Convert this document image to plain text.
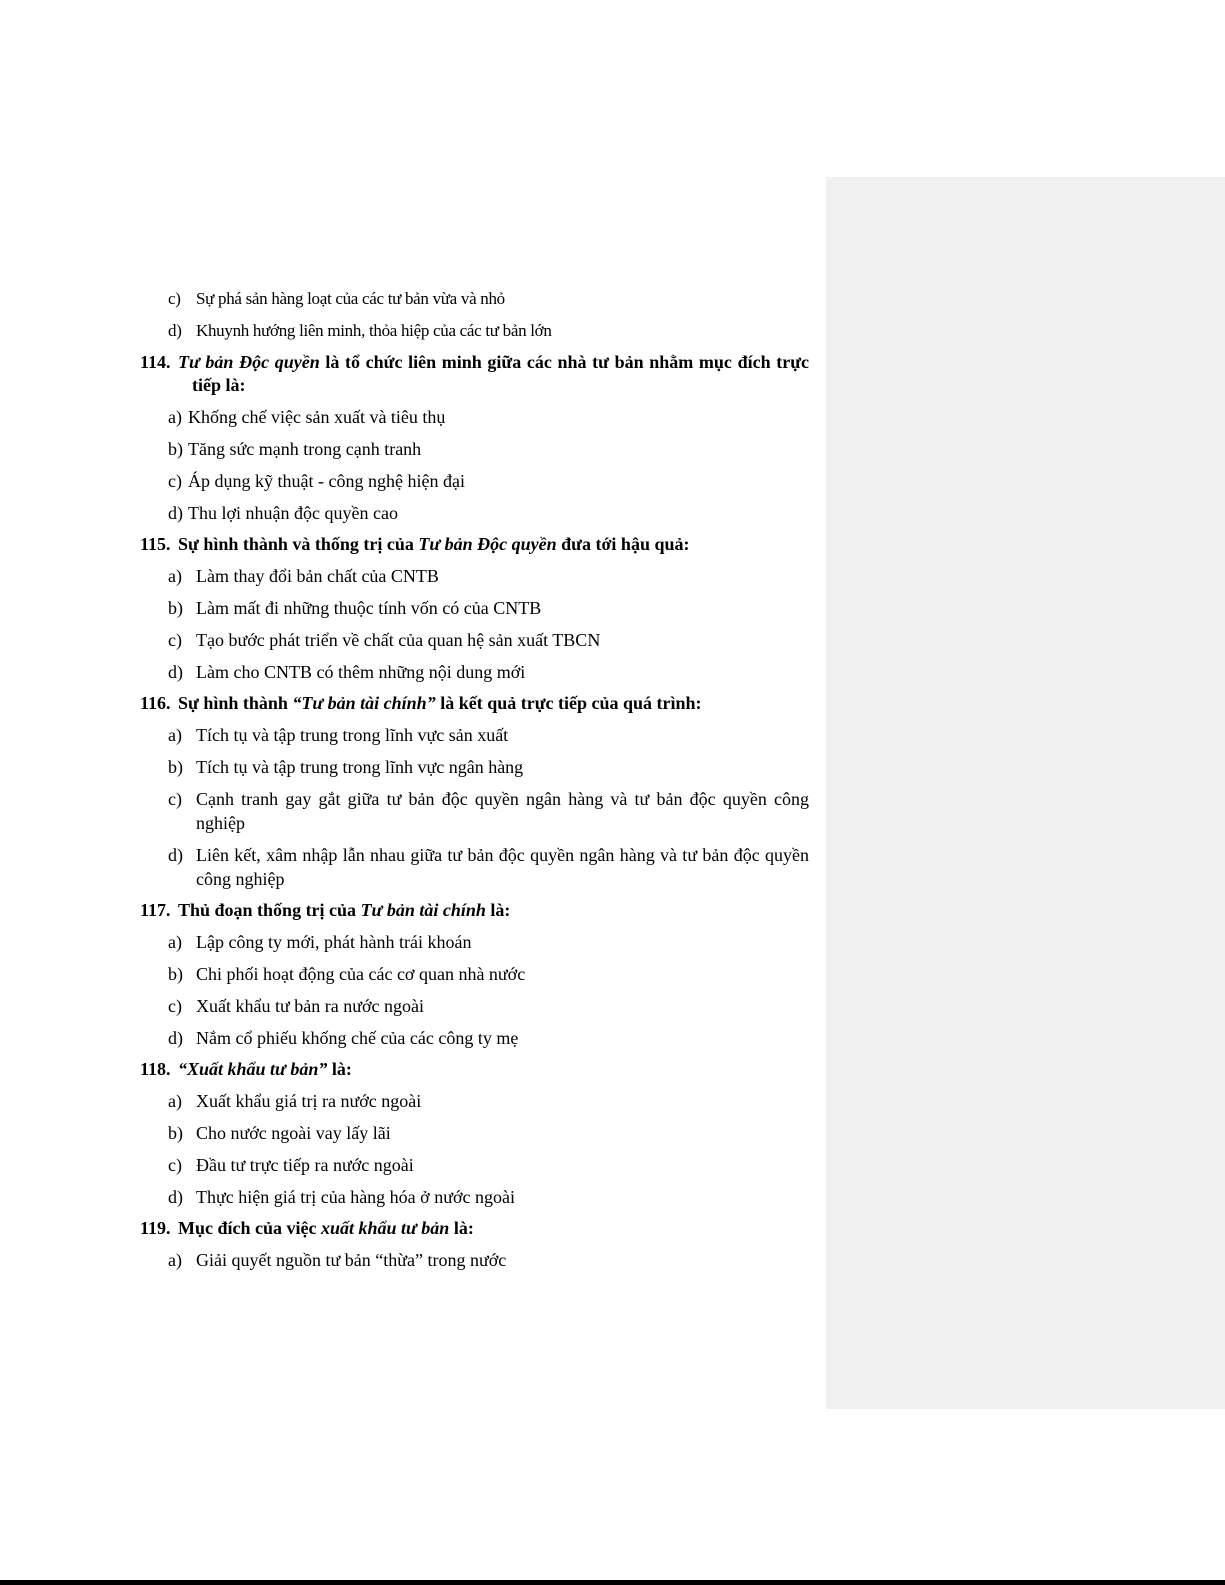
c) Sự phá sản hàng loạt của các tư bản vừa và nhỏ
d) Khuynh hướng liên minh, thỏa hiệp của các tư bản lớn
114. Tư bản Độc quyền là tổ chức liên minh giữa các nhà tư bản nhằm mục đích trực tiếp là:
a) Khống chế việc sản xuất và tiêu thụ
b) Tăng sức mạnh trong cạnh tranh
c) Áp dụng kỹ thuật - công nghệ hiện đại
d) Thu lợi nhuận độc quyền cao
115. Sự hình thành và thống trị của Tư bản Độc quyền đưa tới hậu quả:
a) Làm thay đổi bản chất của CNTB
b) Làm mất đi những thuộc tính vốn có của CNTB
c) Tạo bước phát triển về chất của quan hệ sản xuất TBCN
d) Làm cho CNTB có thêm những nội dung mới
116. Sự hình thành “Tư bản tài chính” là kết quả trực tiếp của quá trình:
a) Tích tụ và tập trung trong lĩnh vực sản xuất
b) Tích tụ và tập trung trong lĩnh vực ngân hàng
c) Cạnh tranh gay gắt giữa tư bản độc quyền ngân hàng và tư bản độc quyền công nghiệp
d) Liên kết, xâm nhập lẫn nhau giữa tư bản độc quyền ngân hàng và tư bản độc quyền công nghiệp
117. Thủ đoạn thống trị của Tư bản tài chính là:
a) Lập công ty mới, phát hành trái khoán
b) Chi phối hoạt động của các cơ quan nhà nước
c) Xuất khẩu tư bản ra nước ngoài
d) Nắm cổ phiếu khống chế của các công ty mẹ
118. “Xuất khẩu tư bản” là:
a) Xuất khẩu giá trị ra nước ngoài
b) Cho nước ngoài vay lấy lãi
c) Đầu tư trực tiếp ra nước ngoài
d) Thực hiện giá trị của hàng hóa ở nước ngoài
119. Mục đích của việc xuất khẩu tư bản là:
a) Giải quyết nguồn tư bản “thừa” trong nước
